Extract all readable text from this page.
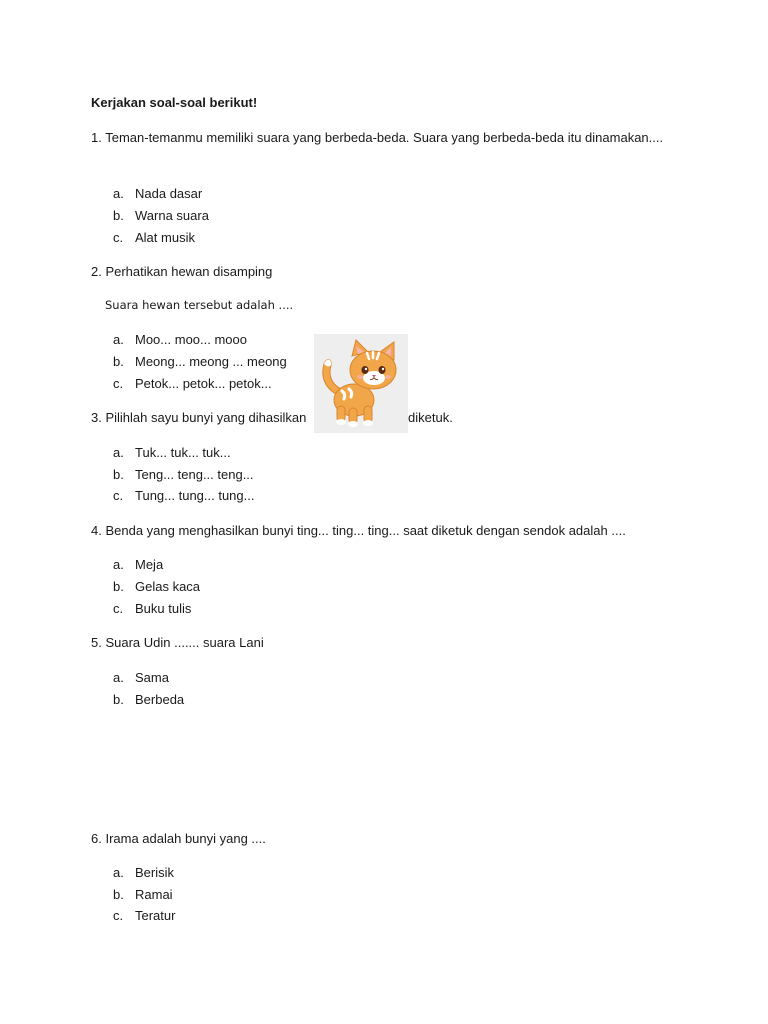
Kerjakan soal-soal berikut!
1. Teman-temanmu memiliki suara yang berbeda-beda. Suara yang berbeda-beda itu dinamakan....
a. Nada dasar
b. Warna suara
c. Alat musik
2. Perhatikan hewan disamping
Suara hewan tersebut adalah ....
a. Moo... moo... mooo
b. Meong... meong ... meong
c. Petok... petok... petok...
3. Pilihlah sayu bunyi yang dihasilkan	diketuk.
a. Tuk... tuk... tuk...
b. Teng... teng... teng...
c. Tung... tung... tung...
4. Benda yang menghasilkan bunyi ting... ting... ting... saat diketuk dengan sendok adalah ....
a. Meja
b. Gelas kaca
c. Buku tulis
5. Suara Udin ....... suara Lani
a. Sama
b. Berbeda
6. Irama adalah bunyi yang ....
a. Berisik
b. Ramai
c. Teratur
